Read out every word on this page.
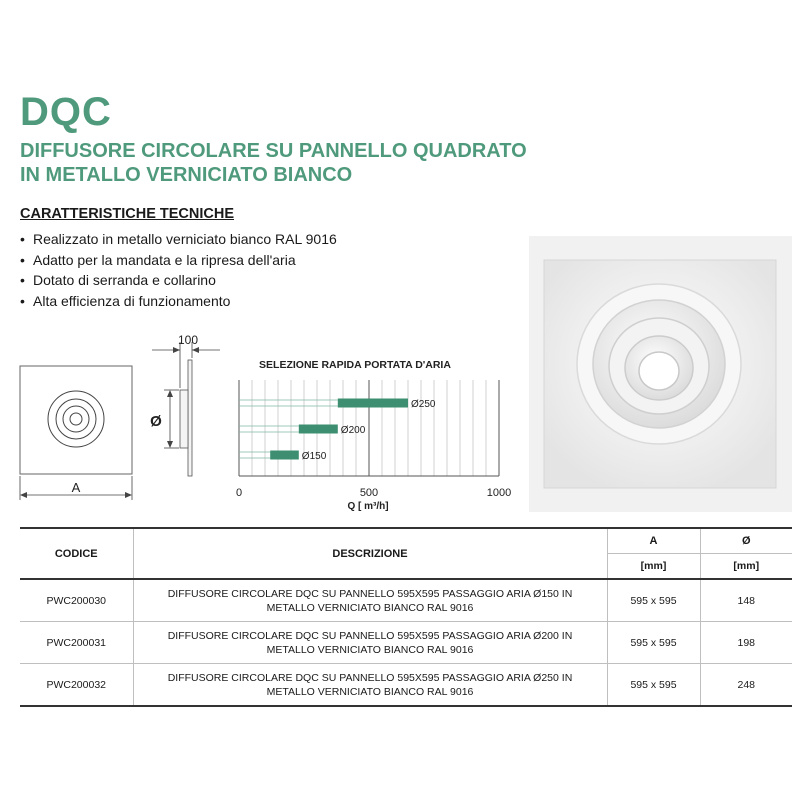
DQC
DIFFUSORE CIRCOLARE SU PANNELLO QUADRATO
IN METALLO VERNICIATO BIANCO
CARATTERISTICHE TECNICHE
• Realizzato in metallo verniciato bianco RAL 9016
• Adatto per la mandata e la ripresa dell'aria
• Dotato di serranda e collarino
• Alta efficienza di funzionamento
A
100
Ø
SELEZIONE RAPIDA PORTATA D'ARIA
Ø250
Ø200
Ø150
0	500	1000
Q [ m³/h]
CODICE	DESCRIZIONE	A	Ø
		[mm]	[mm]
PWC200030	DIFFUSORE CIRCOLARE DQC SU PANNELLO 595X595 PASSAGGIO ARIA Ø150 IN
METALLO VERNICIATO BIANCO RAL 9016	595 x 595	148
PWC200031	DIFFUSORE CIRCOLARE DQC SU PANNELLO 595X595 PASSAGGIO ARIA Ø200 IN
METALLO VERNICIATO BIANCO RAL 9016	595 x 595	198
PWC200032	DIFFUSORE CIRCOLARE DQC SU PANNELLO 595X595 PASSAGGIO ARIA Ø250 IN
METALLO VERNICIATO BIANCO RAL 9016	595 x 595	248
